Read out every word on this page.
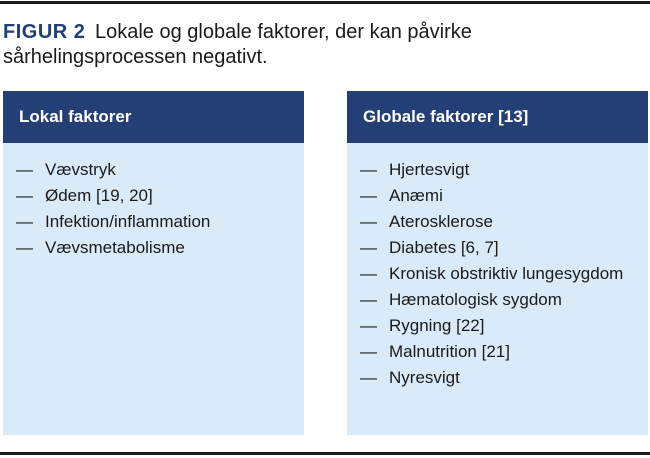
FIGUR 2 Lokale og globale faktorer, der kan påvirke sårhelingsprocessen negativt.
Lokal faktorer
— Vævstryk
— Ødem [19, 20]
— Infektion/inflammation
— Vævsmetabolisme
Globale faktorer [13]
— Hjertesvigt
— Anæmi
— Aterosklerose
— Diabetes [6, 7]
— Kronisk obstriktiv lungesygdom
— Hæmatologisk sygdom
— Rygning [22]
— Malnutrition [21]
— Nyresvigt
